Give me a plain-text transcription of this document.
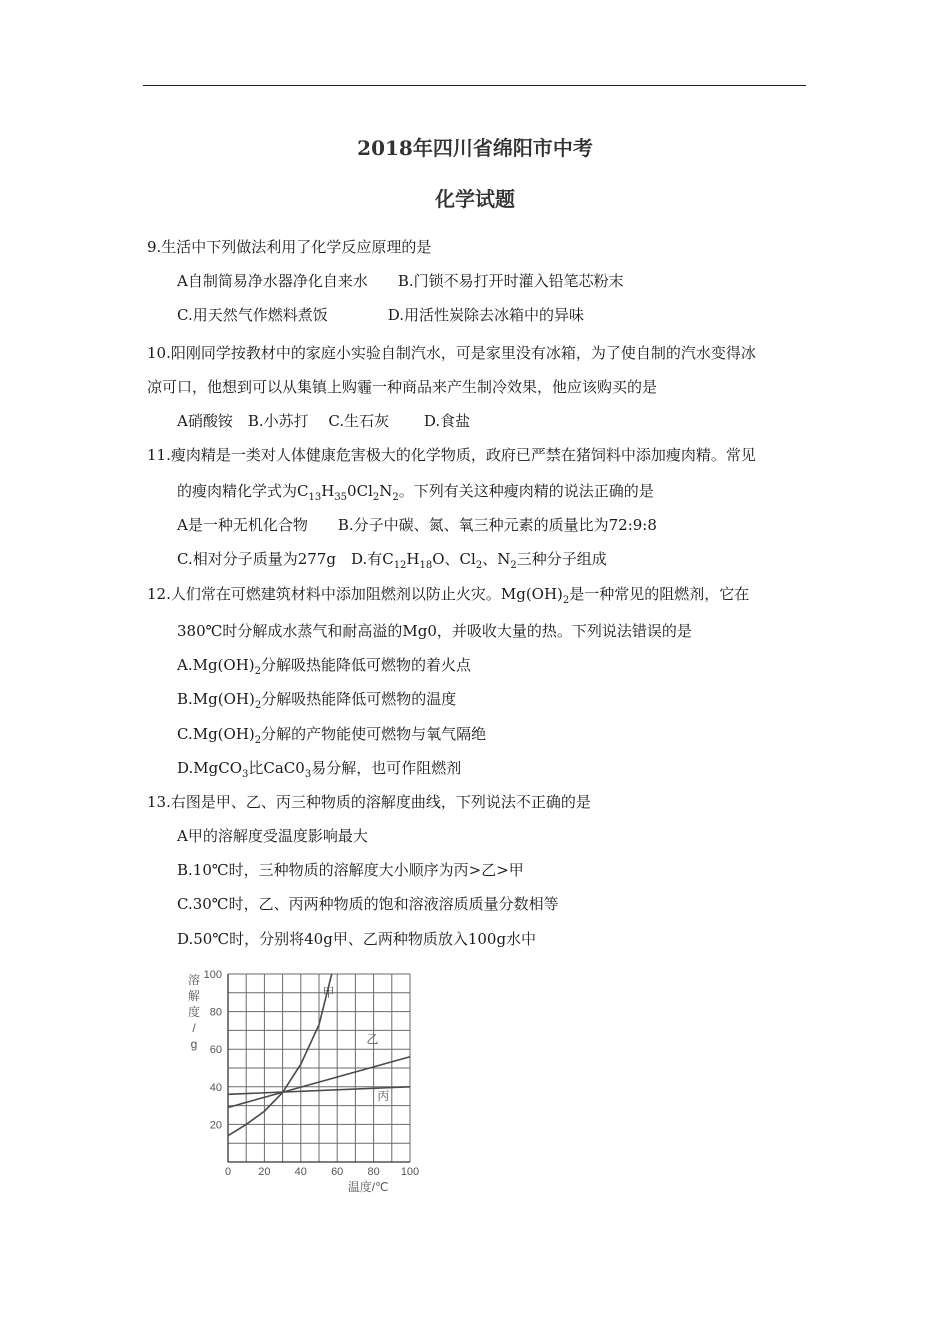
2018年四川省绵阳市中考
化学试题
9.生活中下列做法利用了化学反应原理的是
A自制简易净水器净化自来水　　B.门锁不易打开时灌入铅笔芯粉末
C.用天然气作燃料煮饭　　　　D.用活性炭除去冰箱中的异味
10.阳刚同学按教材中的家庭小实验自制汽水，可是家里没有冰箱，为了使自制的汽水变得冰
凉可口，他想到可以从集镇上购霾一种商品来产生制冷效果，他应该购买的是
A硝酸铵　B.小苏打　 C.生石灰　　 D.食盐
11.瘦肉精是一类对人体健康危害极大的化学物质，政府已严禁在猪饲料中添加瘦肉精。常见
的瘦肉精化学式为$C_{13}H_{35}0Cl_2N_2$。下列有关这种瘦肉精的说法正确的是
A是一种无机化合物　　B.分子中碳、氮、氧三种元素的质量比为72:9:8
C.相对分子质量为277g　D.有$C_{12}H_{18}O$、$Cl_2$、$N_2$三种分子组成
12.人们常在可燃建筑材料中添加阻燃剂以防止火灾。$Mg(OH)_2$是一种常见的阻燃剂，它在
380℃时分解成水蒸气和耐高溢的Mg0，并吸收大量的热。下列说法错误的是
$A.Mg(OH)_2$分解吸热能降低可燃物的着火点
$B.Mg(OH)_2$分解吸热能降低可燃物的温度
$C.Mg(OH)_2$分解的产物能使可燃物与氧气隔绝
D.MgCO$_3$比$CaC0_3$易分解，也可作阻燃剂
13.右图是甲、乙、丙三种物质的溶解度曲线，下列说法不正确的是
A甲的溶解度受温度影响最大
B.10℃时，三种物质的溶解度大小顺序为丙>乙>甲
C.30℃时，乙、丙两种物质的饱和溶液溶质质量分数相等
D.50℃时，分别将40g甲、乙两种物质放入100g水中
0 20 40 60 80 100
20
40
60
80
100
温度/℃
溶解度/ g
甲
乙
丙
